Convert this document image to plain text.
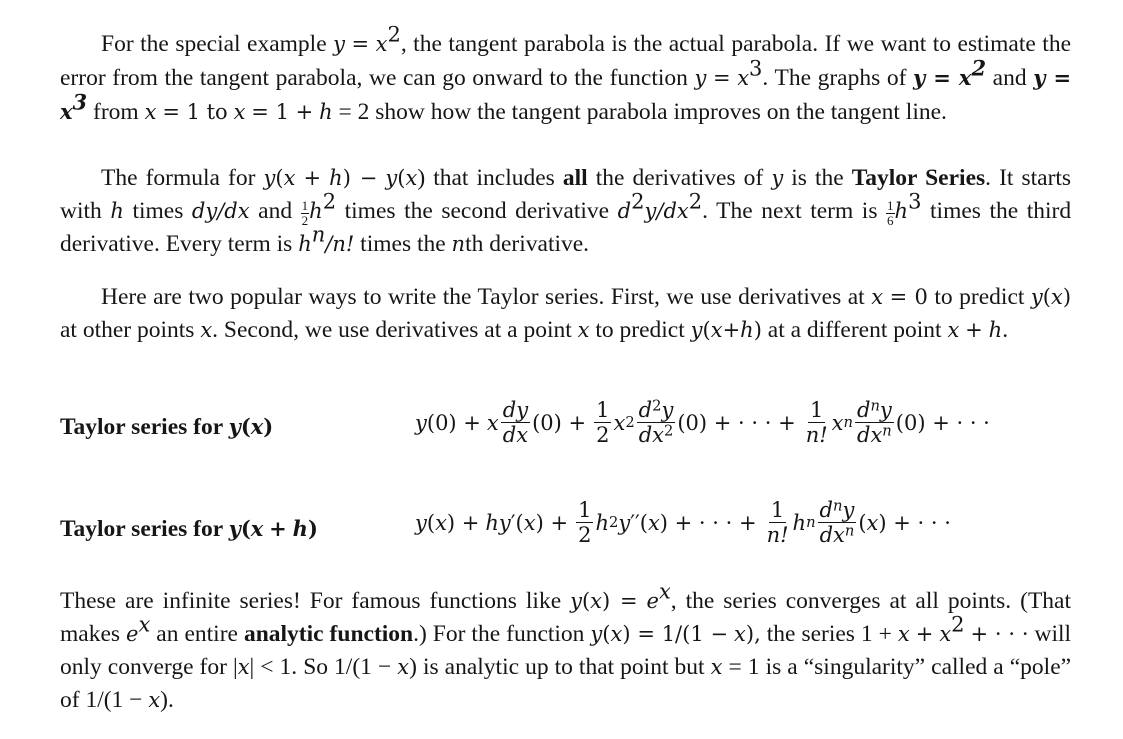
For the special example $y = x^2$, the tangent parabola is the actual parabola. If we want to estimate the error from the tangent parabola, we can go onward to the function $y = x^3$. The graphs of $y = x^2$ and $y = x^3$ from x = 1 to x = 1 + h = 2 show how the tangent parabola improves on the tangent line.

The formula for y(x + h) − y(x) that includes all the derivatives of y is the Taylor Series. It starts with h times dy/dx and $\frac{1}{2} h^2$ times the second derivative $d^2y/dx^2$. The next term is $\frac{1}{6} h^3$ times the third derivative. Every term is $h^n/n$! times the nth derivative.

Here are two popular ways to write the Taylor series. First, we use derivatives at x = 0 to predict y(x) at other points x. Second, we use derivatives at a point x to predict y(x+h) at a different point x + h.

Taylor series for y(x)	y (0) + x $\frac{dy}{dx} (0) + \frac{1}{2}$ x $2 \frac{d^2y}{dx^2} (0)$ + · · · + $\frac{1}{n!}$ x n $\frac{d^ny}{dx^n} (0)$ + · · ·
Taylor series for y(x + h)	y ( x ) + hy ′( x ) + $\frac{1}{2}$ h 2 y ′′( x ) + · · · + $\frac{1}{n!}$ h n $\frac{d^ny}{dx^n}$ ( x ) + · · ·

These are infinite series! For famous functions like $y(x) = e^x$, the series converges at all points. (That makes $e^x$ an entire analytic function.) For the function y(x) = 1/(1 − x), the series $1 + x + x^2$ + · · · will only converge for |x| < 1. So 1/(1 − x) is analytic up to that point but x = 1 is a “singularity” called a “pole” of 1/(1 − x).
